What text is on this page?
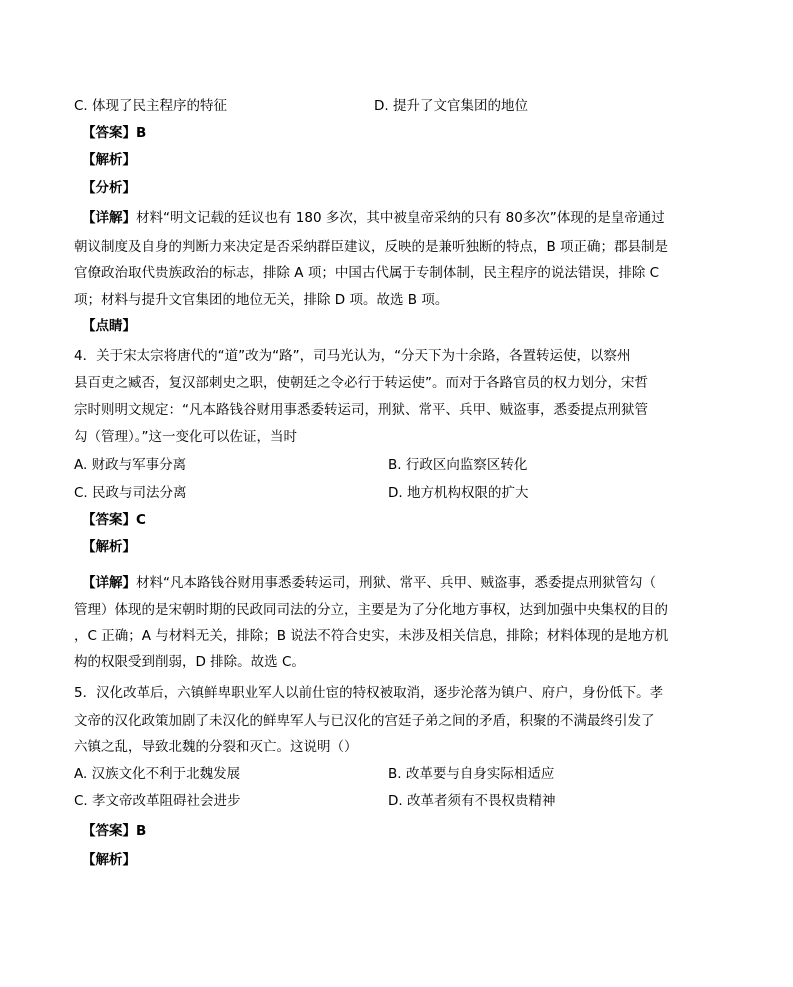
C. 体现了民主程序的特征	D. 提升了文官集团的地位
【答案】B
【解析】
【分析】
【详解】材料“明文记载的廷议也有 180 多次，其中被皇帝采纳的只有 80多次”体现的是皇帝通过
朝议制度及自身的判断力来决定是否采纳群臣建议，反映的是兼听独断的特点，B 项正确；郡县制是
官僚政治取代贵族政治的标志，排除 A 项；中国古代属于专制体制，民主程序的说法错误，排除 C
项；材料与提升文官集团的地位无关，排除 D 项。故选 B 项。
【点睛】
4．关于宋太宗将唐代的“道”改为“路”，司马光认为，“分天下为十余路，各置转运使，以察州
县百吏之臧否，复汉部刺史之职，使朝廷之令必行于转运使”。而对于各路官员的权力划分，宋哲
宗时则明文规定：“凡本路钱谷财用事悉委转运司，刑狱、常平、兵甲、贼盗事，悉委提点刑狱管
勾（管理）。”这一变化可以佐证，当时
A. 财政与军事分离	B. 行政区向监察区转化
C. 民政与司法分离	D. 地方机构权限的扩大
【答案】C
【解析】
【详解】材料“凡本路钱谷财用事悉委转运司，刑狱、常平、兵甲、贼盗事，悉委提点刑狱管勾（
管理）体现的是宋朝时期的民政同司法的分立，主要是为了分化地方事权，达到加强中央集权的目的
，C 正确；A 与材料无关，排除；B 说法不符合史实，未涉及相关信息，排除；材料体现的是地方机
构的权限受到削弱，D 排除。故选 C。
5．汉化改革后，六镇鲜卑职业军人以前仕宦的特权被取消，逐步沦落为镇户、府户，身份低下。孝
文帝的汉化政策加剧了未汉化的鲜卑军人与已汉化的宫廷子弟之间的矛盾，积聚的不满最终引发了
六镇之乱，导致北魏的分裂和灭亡。这说明（）
A. 汉族文化不利于北魏发展	B. 改革要与自身实际相适应
C. 孝文帝改革阻碍社会进步	D. 改革者须有不畏权贵精神
【答案】B
【解析】
